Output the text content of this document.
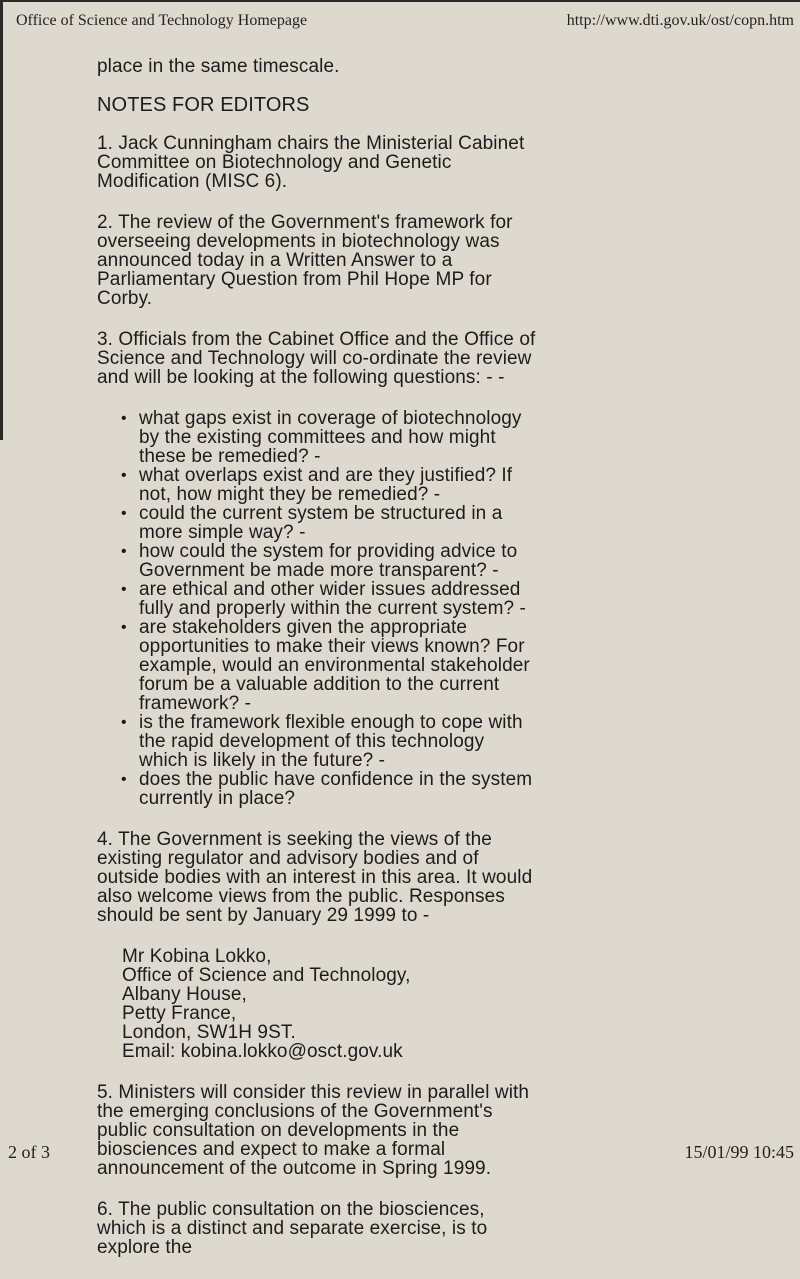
Office of Science and Technology Homepage	http://www.dti.gov.uk/ost/copn.htm

place in the same timescale.

NOTES FOR EDITORS

1. Jack Cunningham chairs the Ministerial Cabinet Committee on Biotechnology and Genetic Modification (MISC 6).

2. The review of the Government's framework for overseeing developments in biotechnology was announced today in a Written Answer to a Parliamentary Question from Phil Hope MP for Corby.

3. Officials from the Cabinet Office and the Office of Science and Technology will co-ordinate the review and will be looking at the following questions: - -

• what gaps exist in coverage of biotechnology by the existing committees and how might these be remedied? -
• what overlaps exist and are they justified? If not, how might they be remedied? -
• could the current system be structured in a more simple way? -
• how could the system for providing advice to Government be made more transparent? -
• are ethical and other wider issues addressed fully and properly within the current system? -
• are stakeholders given the appropriate opportunities to make their views known? For example, would an environmental stakeholder forum be a valuable addition to the current framework? -
• is the framework flexible enough to cope with the rapid development of this technology which is likely in the future? -
• does the public have confidence in the system currently in place?

4. The Government is seeking the views of the existing regulator and advisory bodies and of outside bodies with an interest in this area. It would also welcome views from the public. Responses should be sent by January 29 1999 to -

Mr Kobina Lokko,

Office of Science and Technology,

Albany House,

Petty France,

London, SW1H 9ST.

Email: kobina.lokko@osct.gov.uk

5. Ministers will consider this review in parallel with the emerging conclusions of the Government's public consultation on developments in the biosciences and expect to make a formal announcement of the outcome in Spring 1999.

6. The public consultation on the biosciences, which is a distinct and separate exercise, is to explore the

2 of 3	15/01/99 10:45
